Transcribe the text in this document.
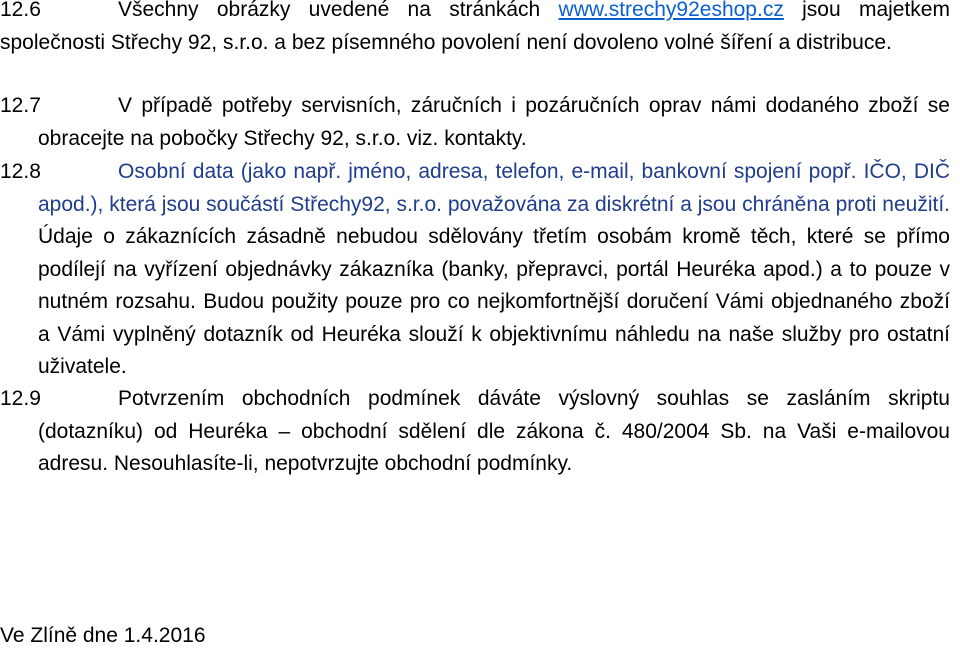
12.6	Všechny obrázky uvedené na stránkách www.strechy92eshop.cz jsou majetkem společnosti Střechy 92, s.r.o. a bez písemného povolení není dovoleno volné šíření a distribuce.
12.7	V případě potřeby servisních, záručních i pozáručních oprav námi dodaného zboží se obracejte na pobočky Střechy 92, s.r.o. viz. kontakty.
12.8	Osobní data (jako např. jméno, adresa, telefon, e-mail, bankovní spojení popř. IČO, DIČ apod.), která jsou součástí Střechy92, s.r.o. považována za diskrétní a jsou chráněna proti neužití. Údaje o zákaznících zásadně nebudou sdělovány třetím osobám kromě těch, které se přímo podílejí na vyřízení objednávky zákazníka (banky, přepravci, portál Heuréka apod.) a to pouze v nutném rozsahu. Budou použity pouze pro co nejkomfortnější doručení Vámi objednaného zboží a Vámi vyplněný dotazník od Heuréka slouží k objektivnímu náhledu na naše služby pro ostatní uživatele.
12.9	Potvrzením obchodních podmínek dáváte výslovný souhlas se zasláním skriptu (dotazníku) od Heuréka – obchodní sdělení dle zákona č. 480/2004 Sb. na Vaši e-mailovou adresu. Nesouhlasíte-li, nepotvrzujte obchodní podmínky.
Ve Zlíně dne 1.4.2016
